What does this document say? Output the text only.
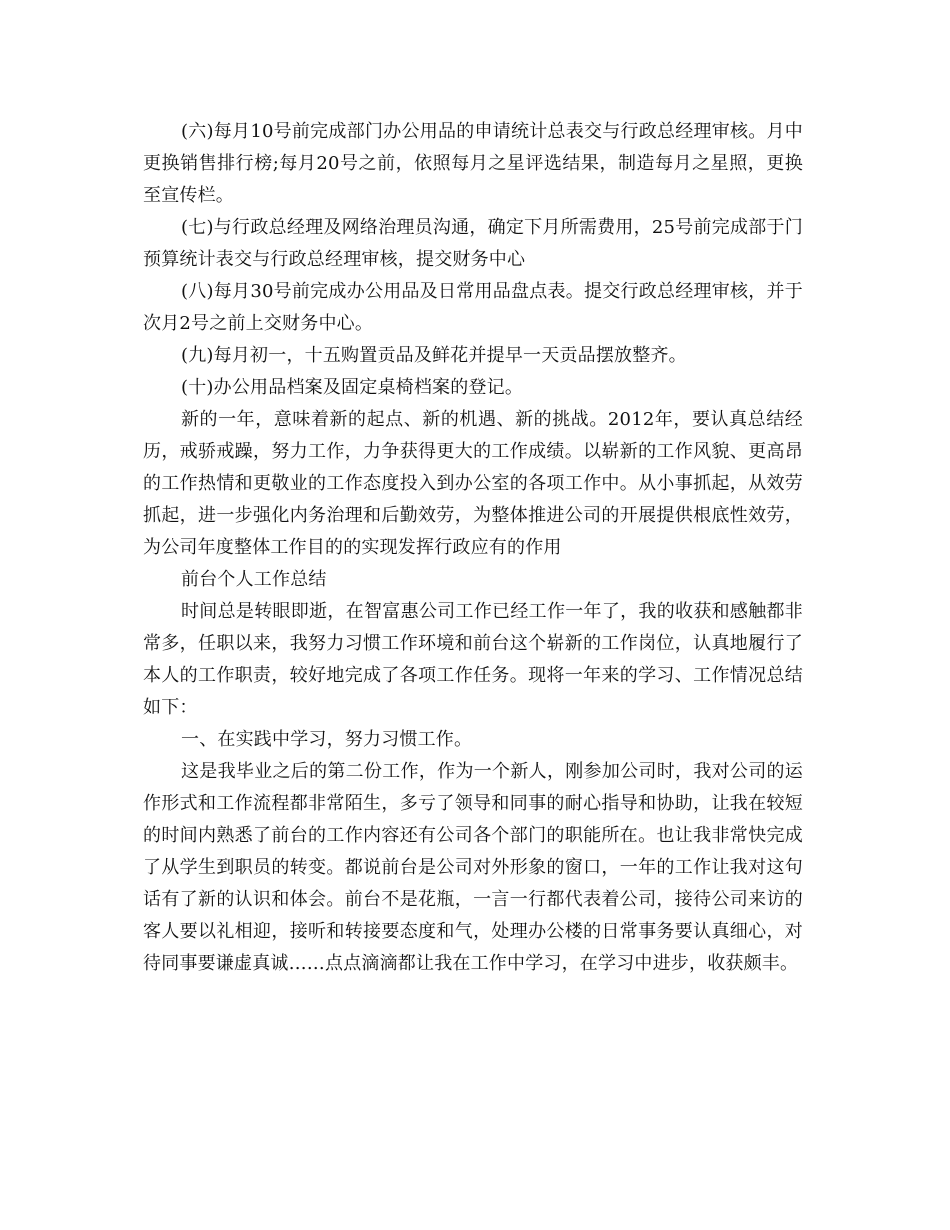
(六)每月10号前完成部门办公用品的申请统计总表交与行政总经理审核。月中更换销售排行榜;每月20号之前，依照每月之星评选结果，制造每月之星照，更换至宣传栏。

(七)与行政总经理及网络治理员沟通，确定下月所需费用，25号前完成部于门预算统计表交与行政总经理审核，提交财务中心

(八)每月30号前完成办公用品及日常用品盘点表。提交行政总经理审核，并于次月2号之前上交财务中心。

(九)每月初一，十五购置贡品及鲜花并提早一天贡品摆放整齐。

(十)办公用品档案及固定桌椅档案的登记。

新的一年，意味着新的起点、新的机遇、新的挑战。2012年，要认真总结经历，戒骄戒躁，努力工作，力争获得更大的工作成绩。以崭新的工作风貌、更高昂的工作热情和更敬业的工作态度投入到办公室的各项工作中。从小事抓起，从效劳抓起，进一步强化内务治理和后勤效劳，为整体推进公司的开展提供根底性效劳，为公司年度整体工作目的的实现发挥行政应有的作用

前台个人工作总结

时间总是转眼即逝，在智富惠公司工作已经工作一年了，我的收获和感触都非常多，任职以来，我努力习惯工作环境和前台这个崭新的工作岗位，认真地履行了本人的工作职责，较好地完成了各项工作任务。现将一年来的学习、工作情况总结如下：

一、在实践中学习，努力习惯工作。

这是我毕业之后的第二份工作，作为一个新人，刚参加公司时，我对公司的运作形式和工作流程都非常陌生，多亏了领导和同事的耐心指导和协助，让我在较短的时间内熟悉了前台的工作内容还有公司各个部门的职能所在。也让我非常快完成了从学生到职员的转变。都说前台是公司对外形象的窗口，一年的工作让我对这句话有了新的认识和体会。前台不是花瓶，一言一行都代表着公司，接待公司来访的客人要以礼相迎，接听和转接要态度和气，处理办公楼的日常事务要认真细心，对待同事要谦虚真诚……点点滴滴都让我在工作中学习，在学习中进步，收获颇丰。
